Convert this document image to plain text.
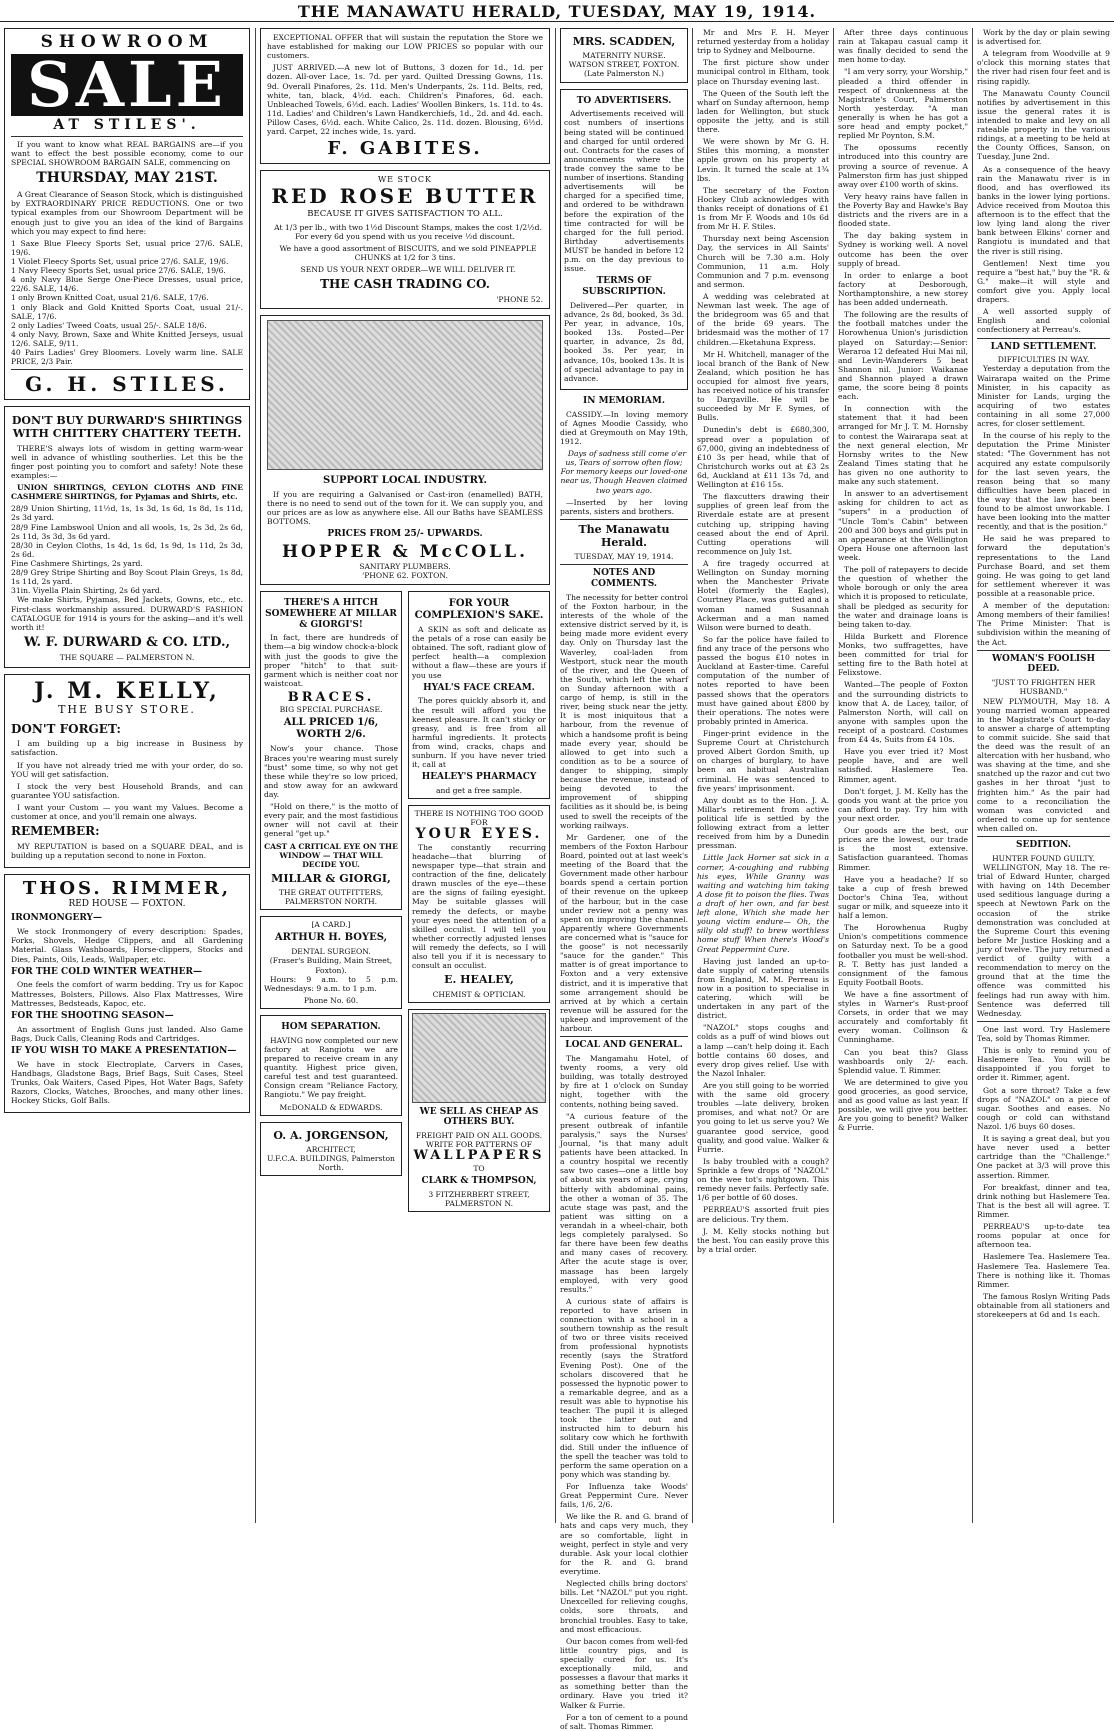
THE MANAWATU HERALD, TUESDAY, MAY 19, 1914.
SHOWROOM
SALE
AT STILES'.

If you want to know what REAL BARGAINS are—if you want to effect the best possible economy, come to our SPECIAL SHOWROOM BARGAIN SALE, commencing on

THURSDAY, MAY 21ST.

A Great Clearance of Season Stock, which is distinguished by EXTRAORDINARY PRICE REDUCTIONS. One or two typical examples from our Showroom Department will be enough just to give you an idea of the kind of Bargains which you may expect to find here:

1 Saxe Blue Fleecy Sports Set, usual price 27/6. SALE, 19/6.
1 Violet Fleecy Sports Set, usual price 27/6. SALE, 19/6.
1 Navy Fleecy Sports Set, usual price 27/6. SALE, 19/6.
4 only Navy Blue Serge One-Piece Dresses, usual price, 22/6. SALE, 14/6.
1 only Brown Knitted Coat, usual 21/6. SALE, 17/6.
1 only Black and Gold Knitted Sports Coat, usual 21/-. SALE, 17/6.
2 only Ladies' Tweed Coats, usual 25/-. SALE 18/6.
4 only Navy, Brown, Saxe and White Knitted Jerseys, usual 12/6. SALE, 9/11.
40 Pairs Ladies' Grey Bloomers. Lovely warm line. SALE PRICE, 2/3 Pair.
G. H. STILES.
DON'T BUY DURWARD'S SHIRTINGS WITH CHITTERY CHATTERY TEETH.

THERE'S always lots of wisdom in getting warm-wear well in advance of whistling southerlies. Let this be the finger post pointing you to comfort and safety! Note these examples:—

UNION SHIRTINGS, CEYLON CLOTHS AND FINE CASHMERE SHIRTINGS, for Pyjamas and Shirts, etc.

28/9 Union Shirting, 11½d, 1s, 1s 3d, 1s 6d, 1s 8d, 1s 11d, 2s 3d yard.
28/9 Fine Lambswool Union and all wools, 1s, 2s 3d, 2s 6d, 2s 11d, 3s 3d, 3s 6d yard.
28/30 in Ceylon Cloths, 1s 4d, 1s 6d, 1s 9d, 1s 11d, 2s 3d, 2s 6d.
Fine Cashmere Shirtings, 2s yard.
28/9 Grey Stripe Shirting and Boy Scout Plain Greys, 1s 8d, 1s 11d, 2s yard.
31in. Viyella Plain Shirting, 2s 6d yard.

We make Shirts, Pyjamas, Bed Jackets, Gowns, etc., etc. First-class workmanship assured. DURWARD'S FASHION CATALOGUE for 1914 is yours for the asking—and it's well worth it!

W. F. DURWARD & CO. LTD.,
THE SQUARE — PALMERSTON N.
J. M. KELLY,
THE BUSY STORE.
DON'T FORGET:

I am building up a big increase in Business by satisfaction.

If you have not already tried me with your order, do so. YOU will get satisfaction.

I stock the very best Household Brands, and can guarantee YOU satisfaction.

I want your Custom — you want my Values. Become a customer at once, and you'll remain one always.

REMEMBER:

MY REPUTATION is based on a SQUARE DEAL, and is building up a reputation second to none in Foxton.

THOS. RIMMER,
RED HOUSE — FOXTON.
IRONMONGERY—

We stock Ironmongery of every description: Spades, Forks, Shovels, Hedge Clippers, and all Gardening Material. Glass Washboards, Horse-clippers, Stocks and Dies, Paints, Oils, Leads, Wallpaper, etc.

FOR THE COLD WINTER WEATHER—

One feels the comfort of warm bedding. Try us for Kapoc Mattresses, Bolsters, Pillows. Also Flax Mattresses, Wire Mattresses, Bedsteads, Kapoc, etc.

FOR THE SHOOTING SEASON—

An assortment of English Guns just landed. Also Game Bags, Duck Calls, Cleaning Rods and Cartridges.

IF YOU WISH TO MAKE A PRESENTATION—

We have in stock Electroplate, Carvers in Cases, Handbags, Gladstone Bags, Brief Bags, Suit Cases, Steel Trunks, Oak Waiters, Cased Pipes, Hot Water Bags, Safety Razors, Clocks, Watches, Brooches, and many other lines. Hockey Sticks, Golf Balls.

EXCEPTIONAL OFFER that will sustain the reputation the Store we have established for making our LOW PRICES so popular with our customers.

JUST ARRIVED.—A new lot of Buttons, 3 dozen for 1d., 1d. per dozen. All-over Lace, 1s. 7d. per yard. Quilted Dressing Gowns, 11s. 9d. Overall Pinafores, 2s. 11d. Men's Underpants, 2s. 11d. Belts, red, white, tan, black, 4½d. each. Children's Pinafores, 6d. each. Unbleached Towels, 6½d. each. Ladies' Woollen Binkers, 1s. 11d. to 4s. 11d. Ladies' and Children's Lawn Handkerchiefs, 1d., 2d. and 4d. each. Pillow Cases, 6½d. each. White Calico, 2s. 11d. dozen. Blousing, 6½d. yard. Carpet, 22 inches wide, 1s. yard.

F. GABITES.
WE STOCK
RED ROSE BUTTER
BECAUSE IT GIVES SATISFACTION TO ALL.

At 1/3 per lb., with two 1½d Discount Stamps, makes the cost 1/2½d. For every 6d you spend with us you receive ½d discount.

We have a good assortment of BISCUITS, and we sold PINEAPPLE CHUNKS at 1/2 for 3 tins.

SEND US YOUR NEXT ORDER—WE WILL DELIVER IT.

THE CASH TRADING CO.
'PHONE 52.
SUPPORT LOCAL INDUSTRY.

If you are requiring a Galvanised or Cast-iron (enamelled) BATH, there is no need to send out of the town for it. We can supply you, and our prices are as low as anywhere else. All our Baths have SEAMLESS BOTTOMS.

PRICES FROM 25/- UPWARDS.
HOPPER & McCOLL.
SANITARY PLUMBERS.
'PHONE 62. FOXTON.
THERE'S A HITCH SOMEWHERE AT MILLAR & GIORGI'S!

In fact, there are hundreds of them—a big window chock-a-block with just the goods to give the proper "hitch" to that suit-garment which is neither coat nor waistcoat.

BRACES.
BIG SPECIAL PURCHASE.
ALL PRICED 1/6, WORTH 2/6.

Now's your chance. Those Braces you're wearing must surely "bust" some time, so why not get these while they're so low priced, and stow away for an awkward day.

"Hold on there," is the motto of every pair, and the most fastidious owner will not cavil at their general "get up."

CAST A CRITICAL EYE ON THE WINDOW — THAT WILL DECIDE YOU.
MILLAR & GIORGI,
THE GREAT OUTFITTERS,
PALMERSTON NORTH.
[A CARD.]
ARTHUR H. BOYES,
DENTAL SURGEON.
(Fraser's Building, Main Street, Foxton).

Hours: 9 a.m. to 5 p.m. Wednesdays: 9 a.m. to 1 p.m.

Phone No. 60.
HOM SEPARATION.

HAVING now completed our new factory at Rangiotu we are prepared to receive cream in any quantity. Highest price given, careful test and test guaranteed. Consign cream "Reliance Factory, Rangiotu." We pay freight.

McDONALD & EDWARDS.
O. A. JORGENSON,
ARCHITECT,
U.F.C.A. BUILDINGS, Palmerston North.
FOR YOUR COMPLEXION'S SAKE.

A SKIN as soft and delicate as the petals of a rose can easily be obtained. The soft, radiant glow of perfect health—a complexion without a flaw—these are yours if you use

HYAL'S FACE CREAM.

The pores quickly absorb it, and the result will afford you the keenest pleasure. It can't sticky or greasy, and is free from all harmful ingredients. It protects from wind, cracks, chaps and sunburn. If you have never tried it, call at

HEALEY'S PHARMACY
and get a free sample.
THERE IS NOTHING TOO GOOD FOR
YOUR EYES.

The constantly recurring headache—that blurring of newspaper type—that strain and contraction of the fine, delicately drawn muscles of the eye—these are the signs of failing eyesight. May be suitable glasses will remedy the defects, or maybe your eyes need the attention of a skilled occulist. I will tell you whether correctly adjusted lenses will remedy the defects, so I will also tell you if it is necessary to consult an occulist.

E. HEALEY,
CHEMIST & OPTICIAN.
WE SELL AS CHEAP AS OTHERS BUY.
FREIGHT PAID ON ALL GOODS.
WRITE FOR PATTERNS OF
WALLPAPERS
TO
CLARK & THOMPSON,
3 FITZHERBERT STREET, PALMERSTON N.
MRS. SCADDEN,
MATERNITY NURSE.
WATSON STREET, FOXTON.
(Late Palmerston N.)
TO ADVERTISERS.

Advertisements received will cost numbers of insertions being stated will be continued and charged for until ordered out. Contracts for the cases of announcements where the trade convey the same to be number of insertions. Standing advertisements will be charged for a specified time, and ordered to be withdrawn before the expiration of the time contracted for will be charged for the full period. Birthday advertisements MUST be handed in before 12 p.m. on the day previous to issue.

TERMS OF SUBSCRIPTION.

Delivered—Per quarter, in advance, 2s 8d, booked, 3s 3d. Per year, in advance, 10s, booked 13s. Posted—Per quarter, in advance, 2s 8d, booked 3s. Per year, in advance, 10s, booked 13s. It is of special advantage to pay in advance.

IN MEMORIAM.

CASSIDY.—In loving memory of Agnes Moodie Cassidy, who died at Greymouth on May 19th, 1912.

Days of sadness still come o'er us, Tears of sorrow often flow; For memory keeps our loved-one near us, Though Heaven claimed two years ago.

—Inserted by her loving parents, sisters and brothers.

The Manawatu Herald.
TUESDAY, MAY 19, 1914.
NOTES AND COMMENTS.

The necessity for better control of the Foxton harbour, in the interests of the whole of the extensive district served by it, is being made more evident every day. Only on Thursday last the Waverley, coal-laden from Westport, stuck near the mouth of the river, and the Queen of the South, which left the wharf on Sunday afternoon with a cargo of hemp, is still in the river, being stuck near the jetty. It is most iniquitous that a harbour, from the revenue of which a handsome profit is being made every year, should be allowed to get into such a condition as to be a source of danger to shipping, simply because the revenue, instead of being devoted to the improvement of shipping facilities as it should be, is being used to swell the receipts of the working railways.

Mr Gardener, one of the members of the Foxton Harbour Board, pointed out at last week's meeting of the Board that the Government made other harbour boards spend a certain portion of their revenue on the upkeep of the harbour, but in the case under review not a penny was spent on improving the channel. Apparently where Governments are concerned what is "sauce for the goose" is not necessarily "sauce for the gander." This matter is of great importance to Foxton and a very extensive district, and it is imperative that some arrangement should be arrived at by which a certain revenue will be assured for the upkeep and improvement of the harbour.

LOCAL AND GENERAL.

The Mangamahu Hotel, of twenty rooms, a very old building, was totally destroyed by fire at 1 o'clock on Sunday night, together with the contents, nothing being saved.

"A curious feature of the present outbreak of infantile paralysis," says the Nurses' Journal, "is that many adult patients have been attacked. In a country hospital we recently saw two cases—one a little boy of about six years of age, crying bitterly with abdominal pains, the other a woman of 35. The acute stage was past, and the patient was sitting on a verandah in a wheel-chair, both legs completely paralysed. So far there have been few deaths and many cases of recovery. After the acute stage is over, massage has been largely employed, with very good results."

A curious state of affairs is reported to have arisen in connection with a school in a southern township as the result of two or three visits received from professional hypnotists recently (says the Stratford Evening Post). One of the scholars discovered that he possessed the hypnotic power to a remarkable degree, and as a result was able to hypnotise his teacher. The pupil it is alleged took the latter out and instructed him to deburn his solitary cow which he forthwith did. Still under the influence of the spell the teacher was told to perform the same operation on a pony which was standing by.

For Influenza take Woods' Great Peppermint Cure. Never fails, 1/6, 2/6.

We like the R. and G. brand of hats and caps very much, they are so comfortable, light in weight, perfect in style and very durable. Ask your local clothier for the R. and G. brand everytime.

Neglected chills bring doctors' bills. Let "NAZOL" put you right. Unexcelled for relieving coughs, colds, sore throats, and bronchial troubles. Easy to take, and most efficacious.

Our bacon comes from well-fed little country pigs, and is specially cured for us. It's exceptionally mild, and possesses a flavour that marks it as something better than the ordinary. Have you tried it? Walker & Furrie.

For a ton of cement to a pound of salt. Thomas Rimmer.

Mr and Mrs F. H. Meyer returned yesterday from a holiday trip to Sydney and Melbourne.

The first picture show under municipal control in Eltham, took place on Thursday evening last.

The Queen of the South left the wharf on Sunday afternoon, hemp laden for Wellington, but stuck opposite the jetty, and is still there.

We were shown by Mr G. H. Stiles this morning, a monster apple grown on his property at Levin. It turned the scale at 1¾ lbs.

The secretary of the Foxton Hockey Club acknowledges with thanks receipt of donations of £1 1s from Mr F. Woods and 10s 6d from Mr H. F. Stiles.

Thursday next being Ascension Day, the services in All Saints' Church will be 7.30 a.m. Holy Communion, 11 a.m. Holy Communion and 7 p.m. evensong and sermon.

A wedding was celebrated at Newman last week. The age of the bridegroom was 65 and that of the bride 69 years. The bridesmaid was the mother of 17 children.—Eketahuna Express.

Mr H. Whitchell, manager of the local branch of the Bank of New Zealand, which position he has occupied for almost five years, has received notice of his transfer to Dargaville. He will be succeeded by Mr F. Symes, of Bulls.

Dunedin's debt is £680,300, spread over a population of 67,000, giving an indebtedness of £10 3s per head, while that of Christchurch works out at £3 2s 6d, Auckland at £11 13s 7d, and Wellington at £16 15s.

The flaxcutters drawing their supplies of green leaf from the Riverdale estate are at present cutching up, stripping having ceased about the end of April. Cutting operations will recommence on July 1st.

A fire tragedy occurred at Wellington on Sunday morning when the Manchester Private Hotel (formerly the Eagles), Courtney Place, was gutted and a woman named Susannah Ackerman and a man named Wilson were burned to death.

So far the police have failed to find any trace of the persons who passed the bogus £10 notes in Auckland at Easter-time. Careful computation of the number of notes reported to have been passed shows that the operators must have gained about £800 by their operations. The notes were probably printed in America.

Finger-print evidence in the Supreme Court at Christchurch proved Albert Gordon Smith, up on charges of burglary, to have been an habitual Australian criminal. He was sentenced to five years' imprisonment.

Any doubt as to the Hon. J. A. Millar's retirement from active political life is settled by the following extract from a letter received from him by a Dunedin pressman.

Little Jack Horner sat sick in a corner, A-coughing and rubbing his eyes, While Granny was waiting and watching him taking A dose fit to poison the flies. Twas a draft of her own, and far best left alone, Which she made her young victim endure— Oh, the silly old stuff! to brew worthless home stuff When there's Wood's Great Peppermint Cure.

Having just landed an up-to-date supply of catering utensils from England, M. M. Perreau is now in a position to specialise in catering, which will be undertaken in any part of the district.

"NAZOL" stops coughs and colds as a puff of wind blows out a lamp —can't help doing it. Each bottle contains 60 doses, and every drop gives relief. Use with the Nazol Inhaler.

Are you still going to be worried with the same old grocery troubles —late delivery, broken promises, and what not? Or are you going to let us serve you? We guarantee good service, good quality, and good value. Walker & Furrie.

Is baby troubled with a cough? Sprinkle a few drops of "NAZOL" on the wee tot's nightgown. This remedy never fails. Perfectly safe. 1/6 per bottle of 60 doses.

PERREAU'S assorted fruit pies are delicious. Try them.

J. M. Kelly stocks nothing but the best. You can easily prove this by a trial order.

After three days continuous rain at Takapau casual camp it was finally decided to send the men home to-day.

"I am very sorry, your Worship," pleaded a third offender in respect of drunkenness at the Magistrate's Court, Palmerston North yesterday. "A man generally is when he has got a sore head and empty pocket," replied Mr Poynton, S.M.

The opossums recently introduced into this country are proving a source of revenue. A Palmerston firm has just shipped away over £100 worth of skins.

Very heavy rains have fallen in the Poverty Bay and Hawke's Bay districts and the rivers are in a flooded state.

The day baking system in Sydney is working well. A novel outcome has been the over supply of bread.

In order to enlarge a boot factory at Desborough, Northamptonshire, a new storey has been added underneath.

The following are the results of the football matches under the Horowhenua Union's jurisdiction played on Saturday:—Senior: Weraroa 12 defeated Hui Mai nil, and Levin-Wanderers 5 beat Shannon nil. Junior: Waikanae and Shannon played a drawn game, the score being 8 points each.

In connection with the statement that it had been arranged for Mr J. T. M. Hornsby to contest the Wairarapa seat at the next general election, Mr Hornsby writes to the New Zealand Times stating that he has given no one authority to make any such statement.

In answer to an advertisement asking for children to act as "supers" in a production of "Uncle Tom's Cabin" between 200 and 300 boys and girls put in an appearance at the Wellington Opera House one afternoon last week.

The poll of ratepayers to decide the question of whether the whole borough or only the area which it is proposed to reticulate, shall be pledged as security for the water and drainage loans is being taken to-day.

Hilda Burkett and Florence Monks, two suffragettes, have been committed for trial for setting fire to the Bath hotel at Felixstowe.

Wanted—The people of Foxton and the surrounding districts to know that A. de Lacey, tailor, of Palmerston North, will call on anyone with samples upon the receipt of a postcard. Costumes from £4 4s, Suits from £4 10s.

Have you ever tried it? Most people have, and are well satisfied. Haslemere Tea. Rimmer, agent.

Don't forget, J. M. Kelly has the goods you want at the price you can afford to pay. Try him with your next order.

Our goods are the best, our prices are the lowest, our trade is the most extensive. Satisfaction guaranteed. Thomas Rimmer.

Have you a headache? If so take a cup of fresh brewed Doctor's China Tea, without sugar or milk, and squeeze into it half a lemon.

The Horowhenua Rugby Union's competitions commence on Saturday next. To be a good footballer you must be well-shod. R. T. Betty has just landed a consignment of the famous Equity Football Boots.

We have a fine assortment of styles in Warner's Rust-proof Corsets, in order that we may accurately and comfortably fit every woman. Collinson & Cunninghame.

Can you beat this? Glass washboards only 2/- each. Splendid value. T. Rimmer.

We are determined to give you good groceries, as good service, and as good value as last year. If possible, we will give you better. Are you going to benefit? Walker & Furrie.

Work by the day or plain sewing is advertised for.

A telegram from Woodville at 9 o'clock this morning states that the river had risen four feet and is rising rapidly.

The Manawatu County Council notifies by advertisement in this issue the general rates it is intended to make and levy on all rateable property in the various ridings, at a meeting to be held at the County Offices, Sanson, on Tuesday, June 2nd.

As a consequence of the heavy rain the Manawatu river is in flood, and has overflowed its banks in the lower lying portions. Advice received from Moutoa this afternoon is to the effect that the low lying land along the river bank between Elkins' corner and Rangiotu is inundated and that the river is still rising.

Gentlemen! Next time you require a "best hat," buy the "R. & G." make—it will style and comfort give you. Apply local drapers.

A well assorted supply of English and colonial confectionery at Perreau's.

LAND SETTLEMENT.
DIFFICULTIES IN WAY.

Yesterday a deputation from the Wairarapa waited on the Prime Minister, in his capacity as Minister for Lands, urging the acquiring of two estates containing in all some 27,000 acres, for closer settlement.

In the course of his reply to the deputation the Prime Minister stated: "The Government has not acquired any estate compulsorily for the last seven years, the reason being that so many difficulties have been placed in the way that the law has been found to be almost unworkable. I have been looking into the matter recently, and that is the position."

He said he was prepared to forward the deputation's representations to the Land Purchase Board, and set them going. He was going to get land for settlement wherever it was possible at a reasonable price.

A member of the deputation: Among members of their families! The Prime Minister: That is subdivision within the meaning of the Act.

WOMAN'S FOOLISH DEED.
"JUST TO FRIGHTEN HER HUSBAND."

NEW PLYMOUTH, May 18. A young married woman appeared in the Magistrate's Court to-day to answer a charge of attempting to commit suicide. She said that the deed was the result of an altercation with her husband, who was shaving at the time, and she snatched up the razor and cut two gashes in her throat "just to frighten him." As the pair had come to a reconciliation the woman was convicted and ordered to come up for sentence when called on.

SEDITION.
HUNTER FOUND GUILTY.

WELLINGTON, May 18. The re-trial of Edward Hunter, charged with having on 14th December used seditious language during a speech at Newtown Park on the occasion of the strike demonstration was concluded at the Supreme Court this evening before Mr Justice Hosking and a jury of twelve. The jury returned a verdict of guilty with a recommendation to mercy on the ground that at the time the offence was committed his feelings had run away with him. Sentence was deferred till Wednesday.

One last word. Try Haslemere Tea, sold by Thomas Rimmer.

This is only to remind you of Haslemere Tea. You will be disappointed if you forget to order it. Rimmer, agent.

Got a sore throat? Take a few drops of "NAZOL" on a piece of sugar. Soothes and eases. No cough or cold can withstand Nazol. 1/6 buys 60 doses.

It is saying a great deal, but you have never used a better cartridge than the "Challenge." One packet at 3/3 will prove this assertion. Rimmer.

For breakfast, dinner and tea, drink nothing but Haslemere Tea. That is the best all will agree. T. Rimmer.

PERREAU'S up-to-date tea rooms popular at once for afternoon tea.

Haslemere Tea. Haslemere Tea. Haslemere Tea. Haslemere Tea. There is nothing like it. Thomas Rimmer.

The famous Roslyn Writing Pads obtainable from all stationers and storekeepers at 6d and 1s each.
